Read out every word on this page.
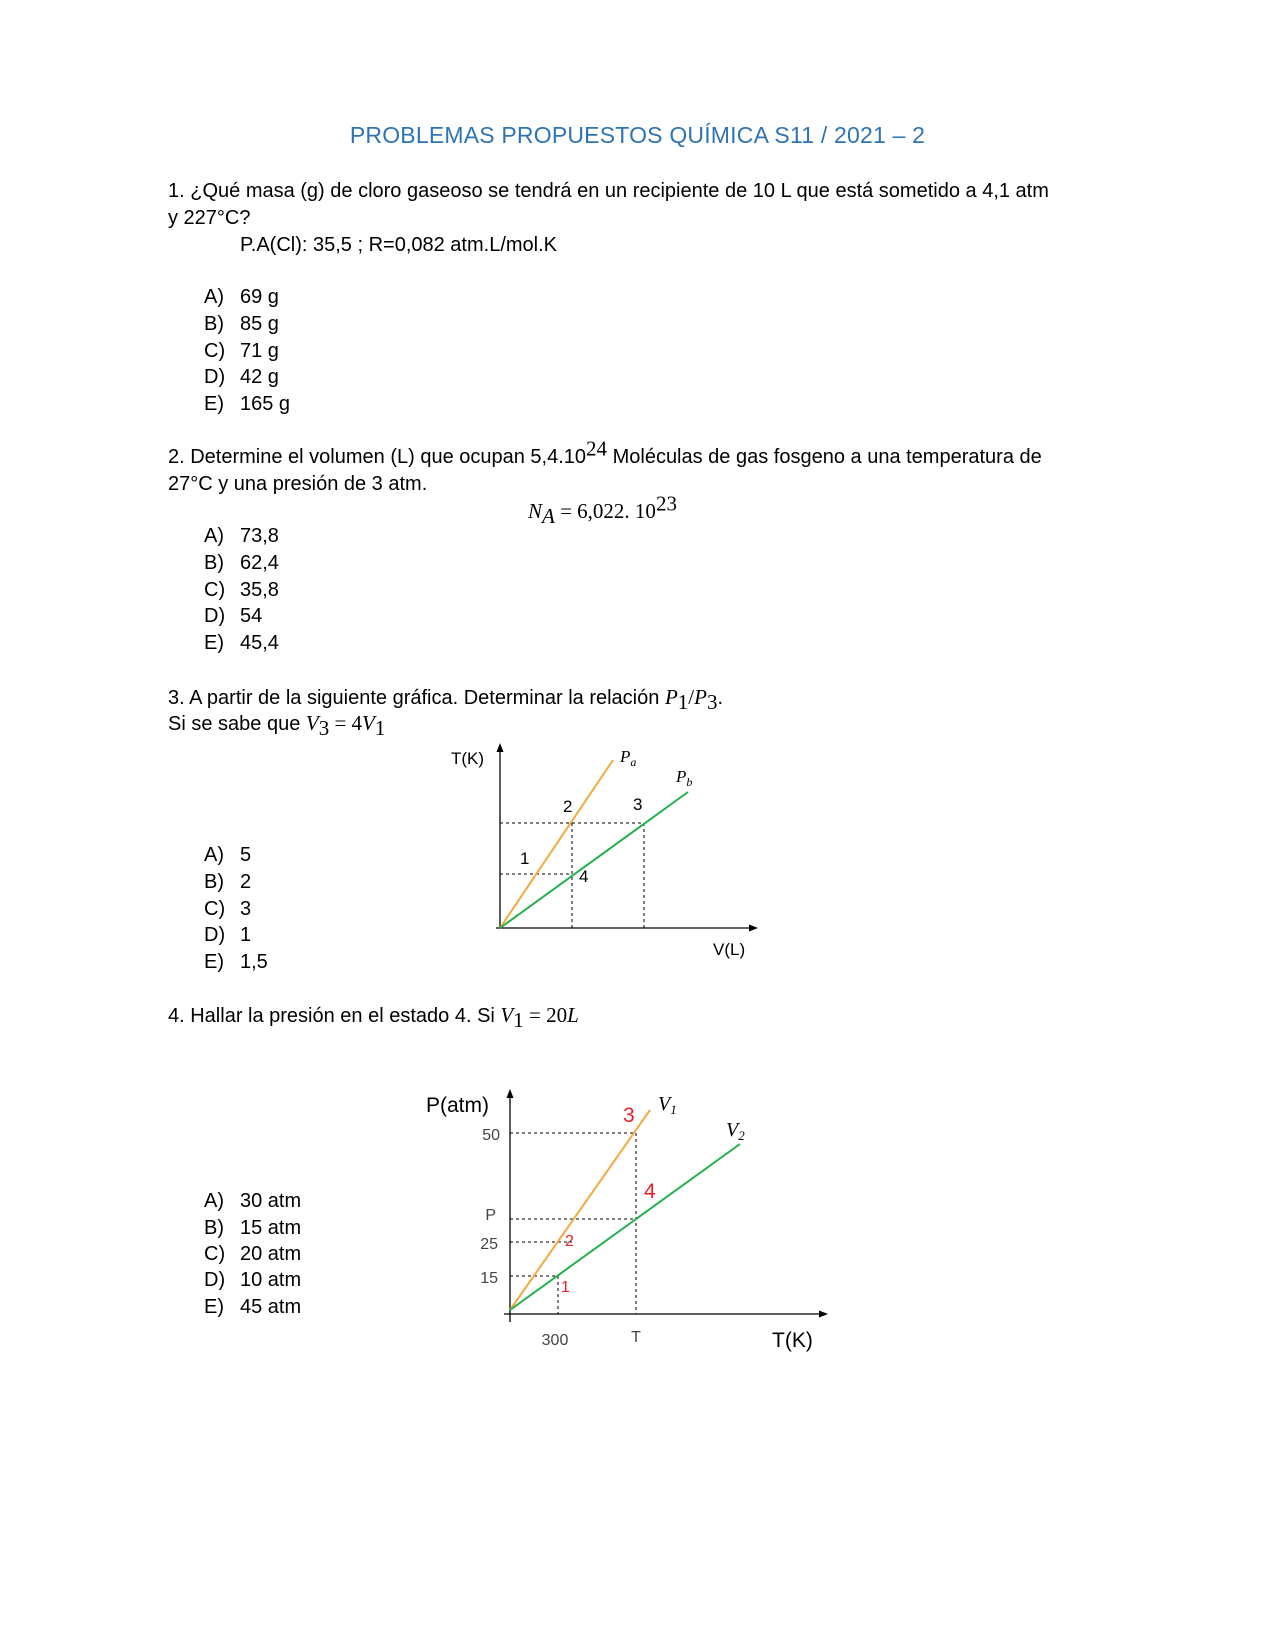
PROBLEMAS PROPUESTOS QUÍMICA S11 / 2021 – 2
1. ¿Qué masa (g) de cloro gaseoso se tendrá en un recipiente de 10 L que está sometido a 4,1 atm
y 227°C?
P.A(Cl): 35,5 ; R=0,082 atm.L/mol.K
A) 69 g
B) 85 g
C) 71 g
D) 42 g
E) 165 g
2. Determine el volumen (L) que ocupan 5,4.10$^{24}$ Moléculas de gas fosgeno a una temperatura de
27°C y una presión de 3 atm.
$N_A = 6,022$. $10^{23}$
A) 73,8
B) 62,4
C) 35,8
D) 54
E) 45,4
3. A partir de la siguiente gráfica. Determinar la relación $P_1/P_3$.
Si se sabe que $V_3 = 4V_1$
T(K)
V(L)
$P_a$
$P_b$
1
2	3
4
A) 5
B) 2
C) 3
D) 1
E) 1,5
4. Hallar la presión en el estado 4. Si $V_1 = 20L$
P(atm)
T(K)
50
P
25
15
300	T
$V_1$
$V_2$
1
2
3
4
A) 30 atm
B) 15 atm
C) 20 atm
D) 10 atm
E) 45 atm
